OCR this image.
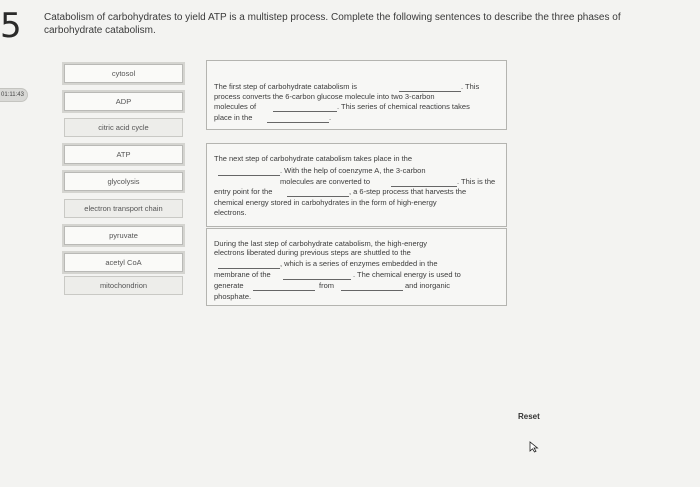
5
01:11:43
Catabolism of carbohydrates to yield ATP is a multistep process. Complete the following sentences to describe the three phases of carbohydrate catabolism.
cytosol
ADP
citric acid cycle
ATP
glycolysis
electron transport chain
pyruvate
acetyl CoA
mitochondrion
The first step of carbohydrate catabolism is	. This
process converts the 6-carbon glucose molecule into two 3-carbon
molecules of	. This series of chemical reactions takes
place in the	.
The next step of carbohydrate catabolism takes place in the
. With the help of coenzyme A, the 3-carbon
molecules are converted to	. This is the
entry point for the	, a 6-step process that harvests the
chemical energy stored in carbohydrates in the form of high-energy
electrons.
During the last step of carbohydrate catabolism, the high-energy
electrons liberated during previous steps are shuttled to the
, which is a series of enzymes embedded in the
membrane of the	. The chemical energy is used to
generate	from	and inorganic
phosphate.
Reset
